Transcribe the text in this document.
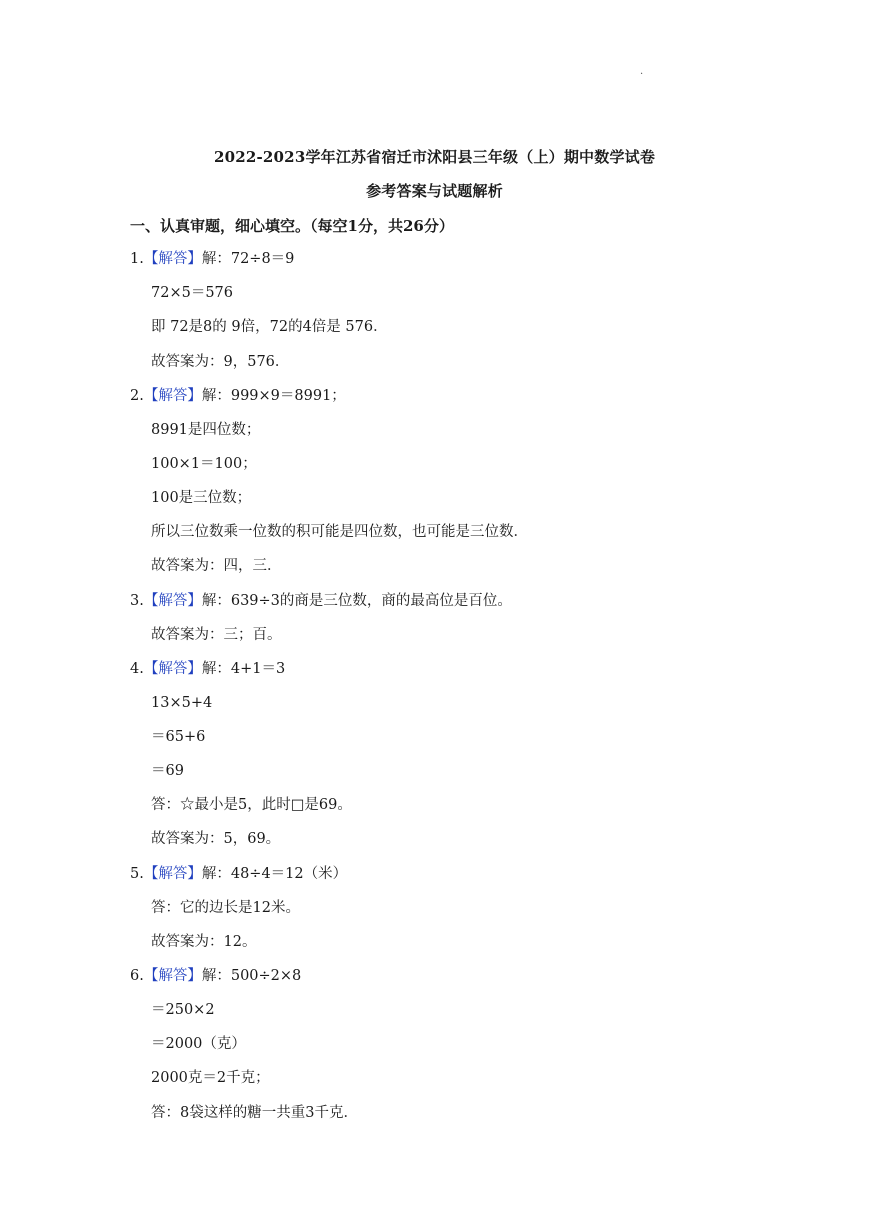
.
2022-2023学年江苏省宿迁市沭阳县三年级（上）期中数学试卷
参考答案与试题解析
一、认真审题，细心填空。（每空1分，共26分）
1.【解答】解：72÷8＝9
72×5＝576
即 72是8的 9倍，72的4倍是 576．
故答案为：9，576．
2.【解答】解：999×9＝8991；
8991是四位数；
100×1＝100；
100是三位数；
所以三位数乘一位数的积可能是四位数，也可能是三位数．
故答案为：四，三．
3.【解答】解：639÷3的商是三位数，商的最高位是百位。
故答案为：三；百。
4.【解答】解：4+1＝3
13×5+4
＝65+6
＝69
答：☆最小是5，此时□是69。
故答案为：5，69。
5.【解答】解：48÷4＝12（米）
答：它的边长是12米。
故答案为：12。
6.【解答】解：500÷2×8
＝250×2
＝2000（克）
2000克＝2千克；
答：8袋这样的糖一共重3千克．
